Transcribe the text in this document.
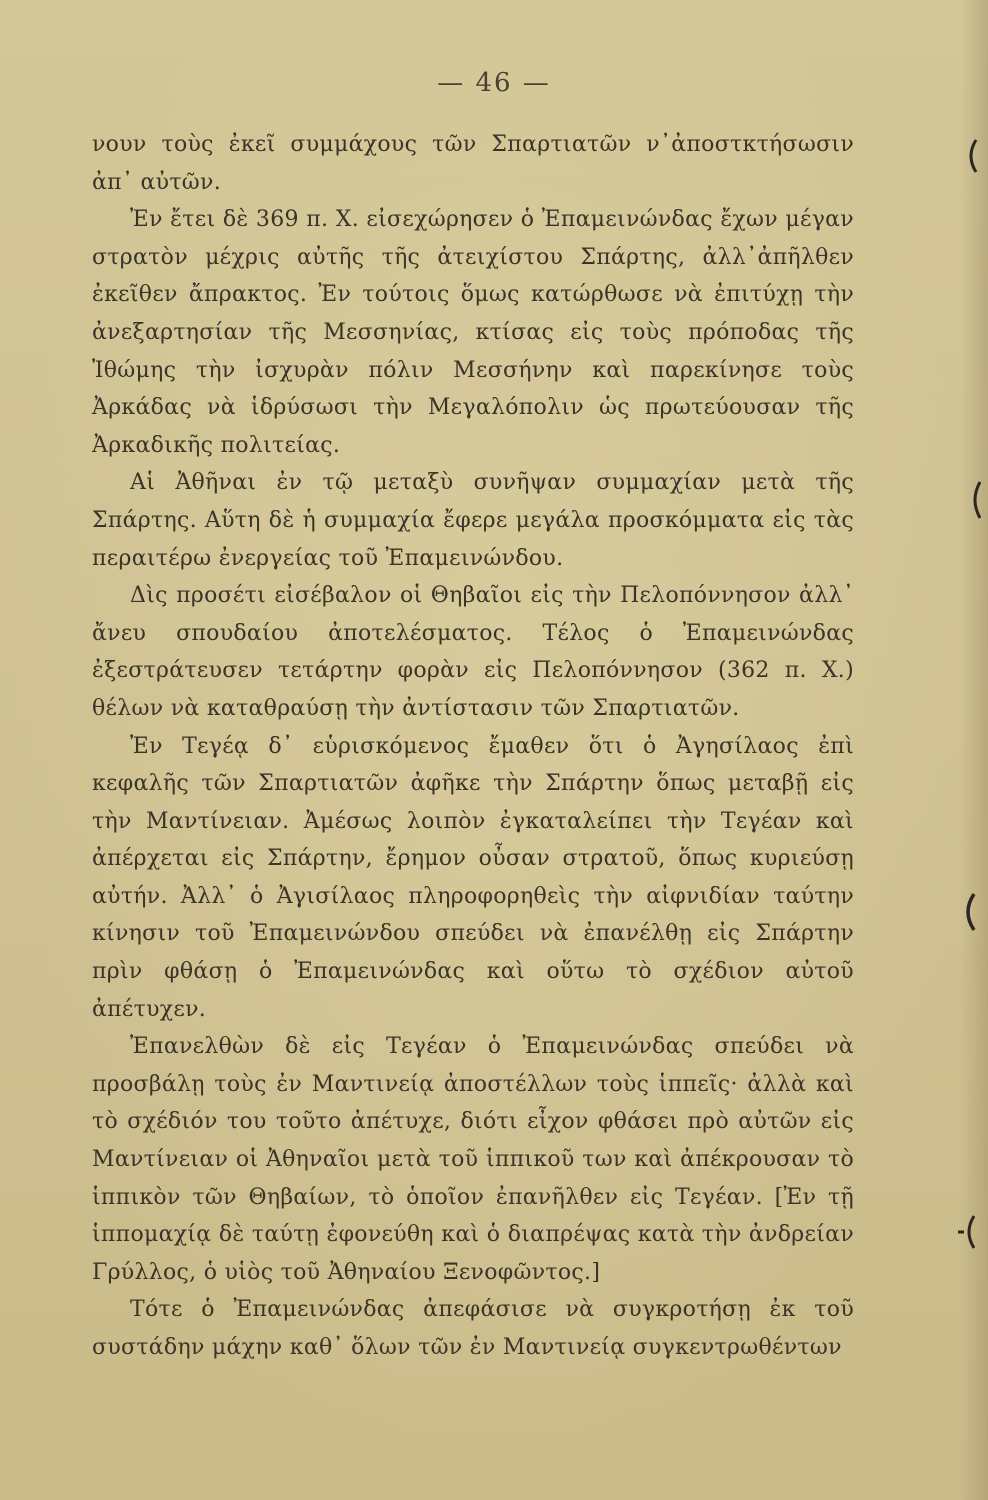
— 46 —

νουν τοὺς ἐκεῖ συμμάχους τῶν Σπαρτιατῶν ν᾽ἀποστκτήσωσιν ἀπ᾽ αὐτῶν.

Ἐν ἔτει δὲ 369 π. Χ. εἰσεχώρησεν ὁ Ἐπαμεινώνδας ἔχων μέγαν στρατὸν μέχρις αὐτῆς τῆς ἀτειχίστου Σπάρτης, ἀλλ᾽ἀπῆλθεν ἐκεῖθεν ἄπρακτος. Ἐν τούτοις ὅμως κατώρθωσε νὰ ἐπιτύχῃ τὴν ἀνεξαρτησίαν τῆς Μεσσηνίας, κτίσας εἰς τοὺς πρόποδας τῆς Ἰθώμης τὴν ἰσχυρὰν πόλιν Μεσσήνην καὶ παρεκίνησε τοὺς Ἀρκάδας νὰ ἱδρύσωσι τὴν Μεγαλόπολιν ὡς πρωτεύουσαν τῆς Ἀρκαδικῆς πολιτείας.

Αἱ Ἀθῆναι ἐν τῷ μεταξὺ συνῆψαν συμμαχίαν μετὰ τῆς Σπάρτης. Αὕτη δὲ ἡ συμμαχία ἔφερε μεγάλα προσκόμματα εἰς τὰς περαιτέρω ἐνεργείας τοῦ Ἐπαμεινώνδου.

Δὶς προσέτι εἰσέβαλον οἱ Θηβαῖοι εἰς τὴν Πελοπόννησον ἀλλ᾽ ἄνευ σπουδαίου ἀποτελέσματος. Τέλος ὁ Ἐπαμεινώνδας ἐξεστράτευσεν τετάρτην φορὰν εἰς Πελοπόννησον (362 π. Χ.) θέλων νὰ καταθραύσῃ τὴν ἀντίστασιν τῶν Σπαρτιατῶν.

Ἐν Τεγέᾳ δ᾽ εὑρισκόμενος ἔμαθεν ὅτι ὁ Ἀγησίλαος ἐπὶ κεφαλῆς τῶν Σπαρτιατῶν ἀφῆκε τὴν Σπάρτην ὅπως μεταβῇ εἰς τὴν Μαντίνειαν. Ἀμέσως λοιπὸν ἐγκαταλείπει τὴν Τεγέαν καὶ ἀπέρχεται εἰς Σπάρτην, ἔρημον οὖσαν στρατοῦ, ὅπως κυριεύσῃ αὐτήν. Ἀλλ᾽ ὁ Ἀγισίλαος πληροφορηθεὶς τὴν αἰφνιδίαν ταύτην κίνησιν τοῦ Ἐπαμεινώνδου σπεύδει νὰ ἐπανέλθῃ εἰς Σπάρτην πρὶν φθάσῃ ὁ Ἐπαμεινώνδας καὶ οὕτω τὸ σχέδιον αὐτοῦ ἀπέτυχεν.

Ἐπανελθὼν δὲ εἰς Τεγέαν ὁ Ἐπαμεινώνδας σπεύδει νὰ προσβάλῃ τοὺς ἐν Μαντινείᾳ ἀποστέλλων τοὺς ἱππεῖς· ἀλλὰ καὶ τὸ σχέδιόν του τοῦτο ἀπέτυχε, διότι εἶχον φθάσει πρὸ αὐτῶν εἰς Μαντίνειαν οἱ Ἀθηναῖοι μετὰ τοῦ ἱππικοῦ των καὶ ἀπέκρουσαν τὸ ἱππικὸν τῶν Θηβαίων, τὸ ὁποῖον ἐπανῆλθεν εἰς Τεγέαν. [Ἐν τῇ ἱππομαχίᾳ δὲ ταύτῃ ἐφονεύθη καὶ ὁ διαπρέψας κατὰ τὴν ἀνδρείαν Γρύλλος, ὁ υἱὸς τοῦ Ἀθηναίου Ξενοφῶντος.]

Τότε ὁ Ἐπαμεινώνδας ἀπεφάσισε νὰ συγκροτήσῃ ἐκ τοῦ συστάδην μάχην καθ᾽ ὅλων τῶν ἐν Μαντινείᾳ συγκεντρωθέντων
